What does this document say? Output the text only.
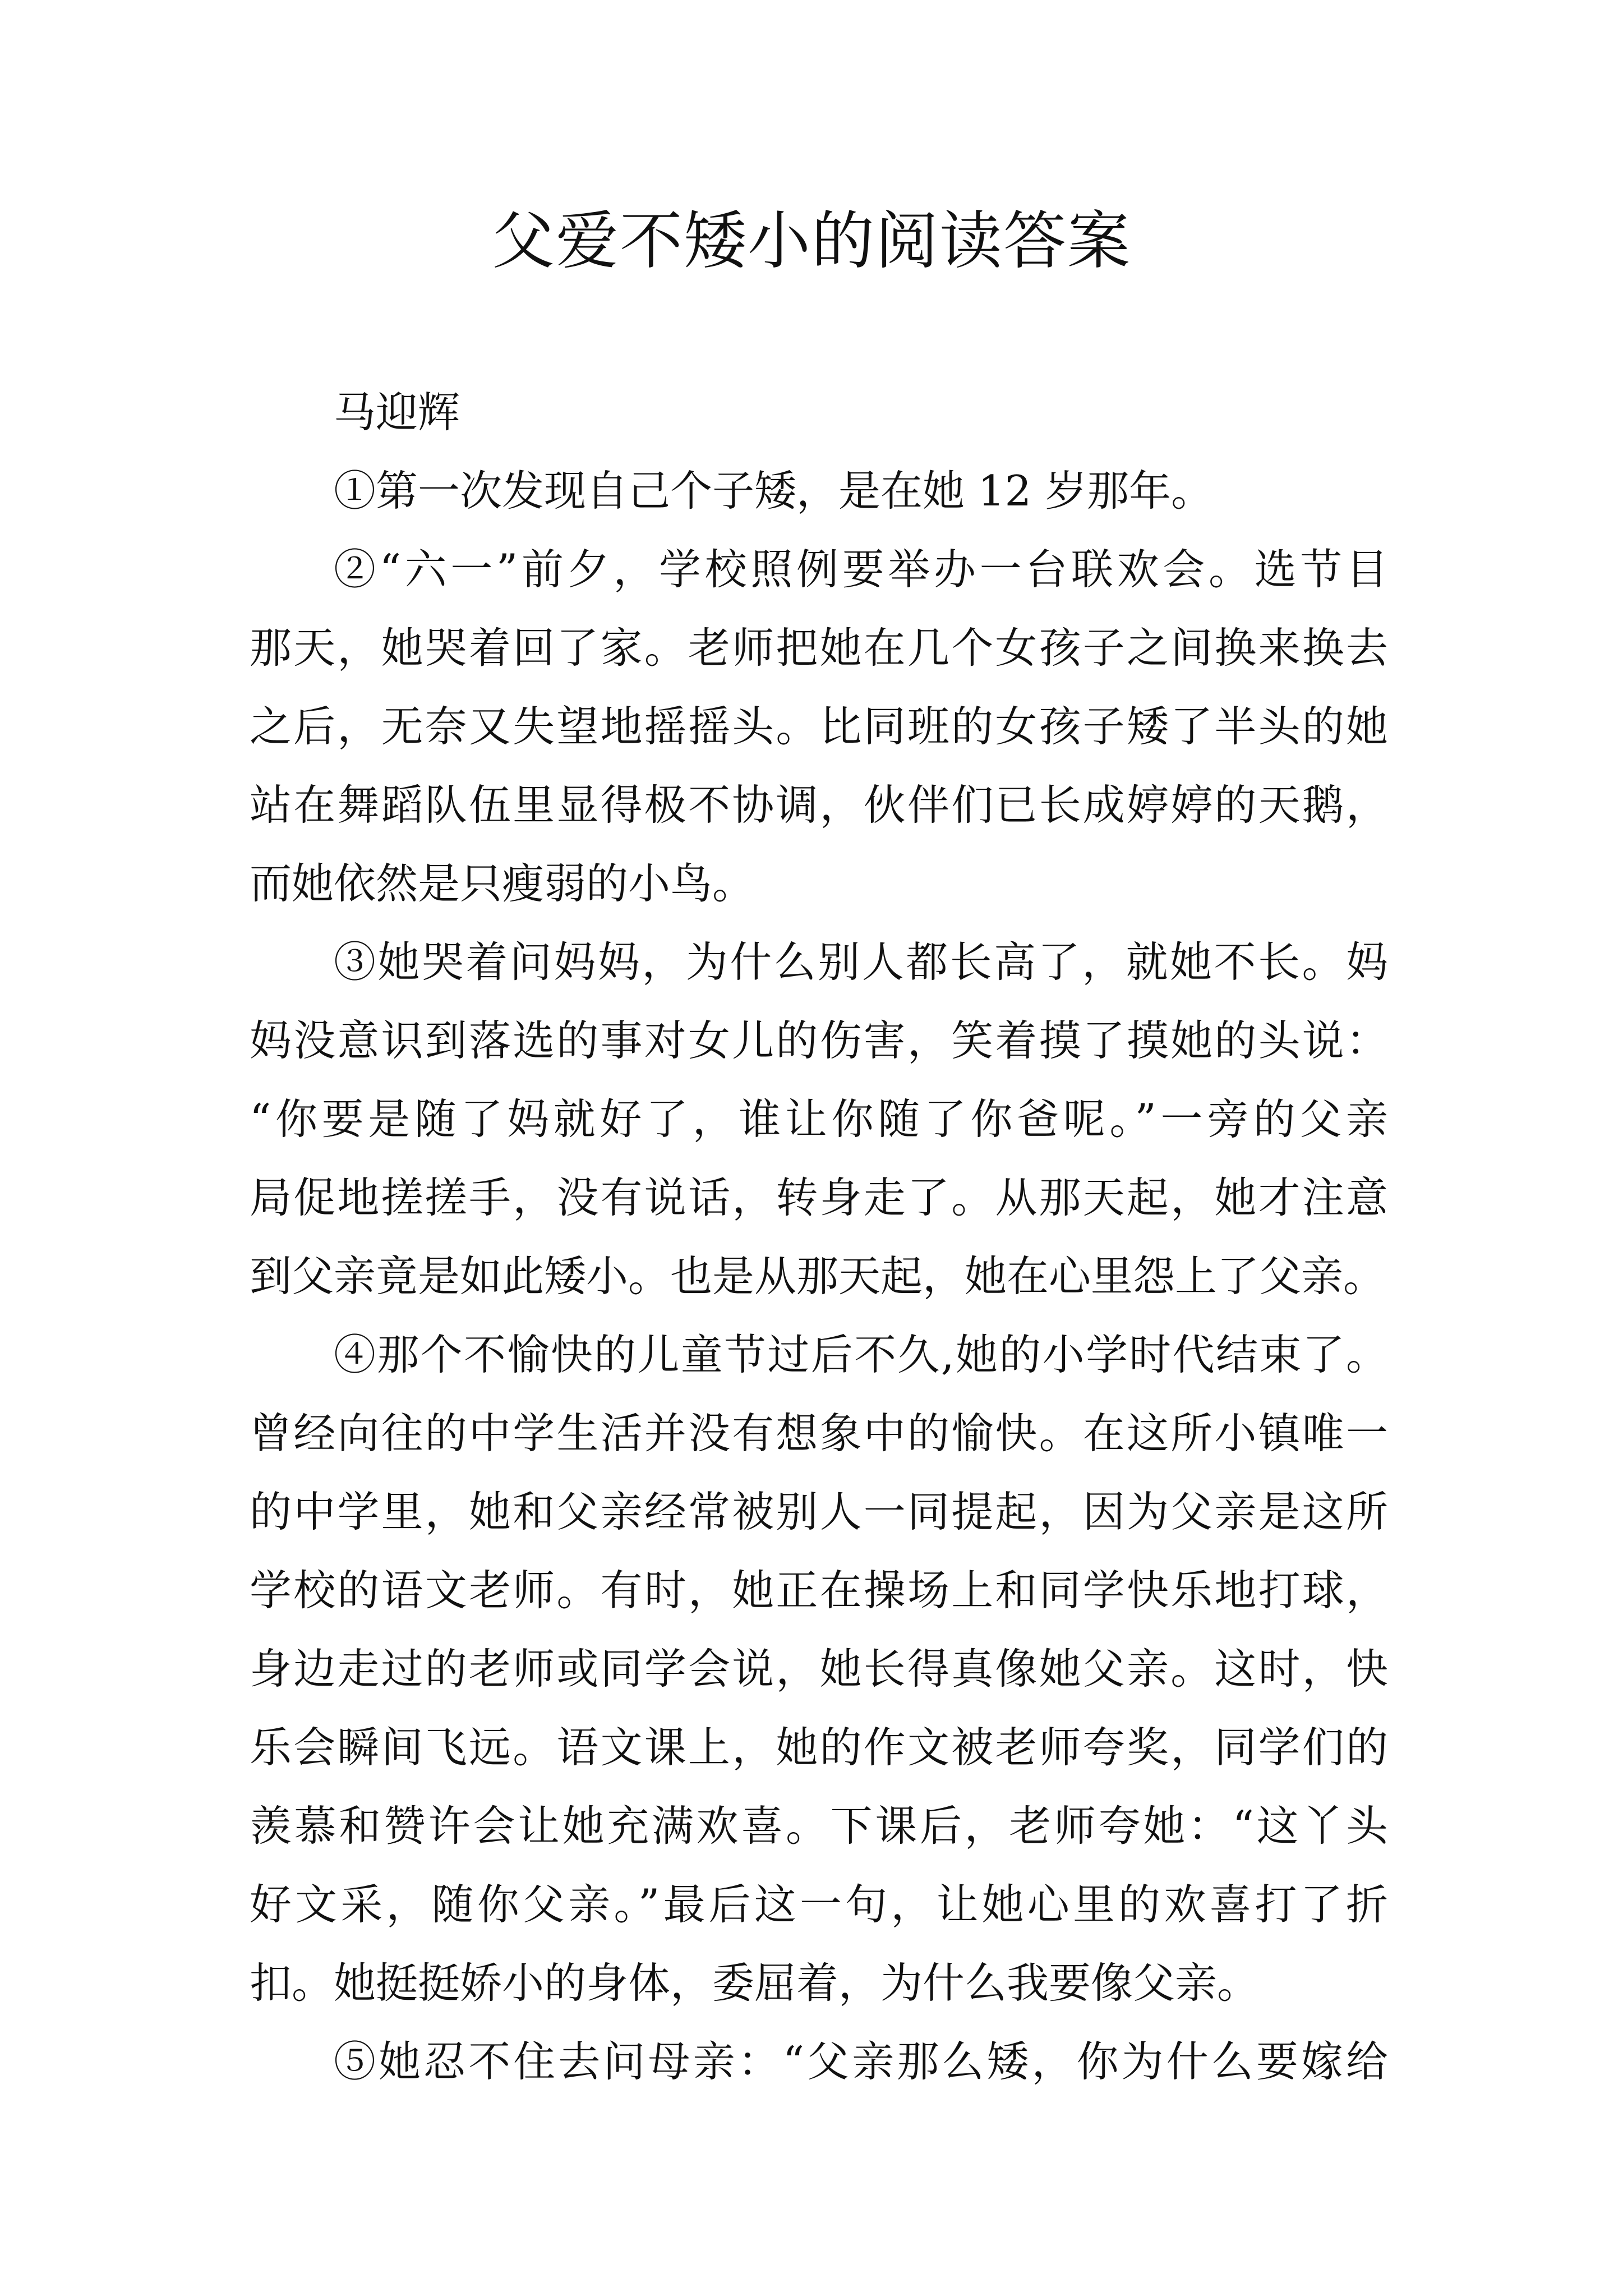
父爱不矮小的阅读答案
马迎辉
①第一次发现自己个子矮，是在她 12 岁那年。
②“六一”前夕，学校照例要举办一台联欢会。选节目
那天，她哭着回了家。老师把她在几个女孩子之间换来换去
之后，无奈又失望地摇摇头。比同班的女孩子矮了半头的她
站在舞蹈队伍里显得极不协调，伙伴们已长成婷婷的天鹅，
而她依然是只瘦弱的小鸟。
③她哭着问妈妈，为什么别人都长高了，就她不长。妈
妈没意识到落选的事对女儿的伤害，笑着摸了摸她的头说：
“你要是随了妈就好了，谁让你随了你爸呢。”一旁的父亲
局促地搓搓手，没有说话，转身走了。从那天起，她才注意
到父亲竟是如此矮小。也是从那天起，她在心里怨上了父亲。
④那个不愉快的儿童节过后不久,她的小学时代结束了。
曾经向往的中学生活并没有想象中的愉快。在这所小镇唯一
的中学里，她和父亲经常被别人一同提起，因为父亲是这所
学校的语文老师。有时，她正在操场上和同学快乐地打球，
身边走过的老师或同学会说，她长得真像她父亲。这时，快
乐会瞬间飞远。语文课上，她的作文被老师夸奖，同学们的
羡慕和赞许会让她充满欢喜。下课后，老师夸她：“这丫头
好文采，随你父亲。”最后这一句，让她心里的欢喜打了折
扣。她挺挺娇小的身体，委屈着，为什么我要像父亲。
⑤她忍不住去问母亲：“父亲那么矮，你为什么要嫁给
